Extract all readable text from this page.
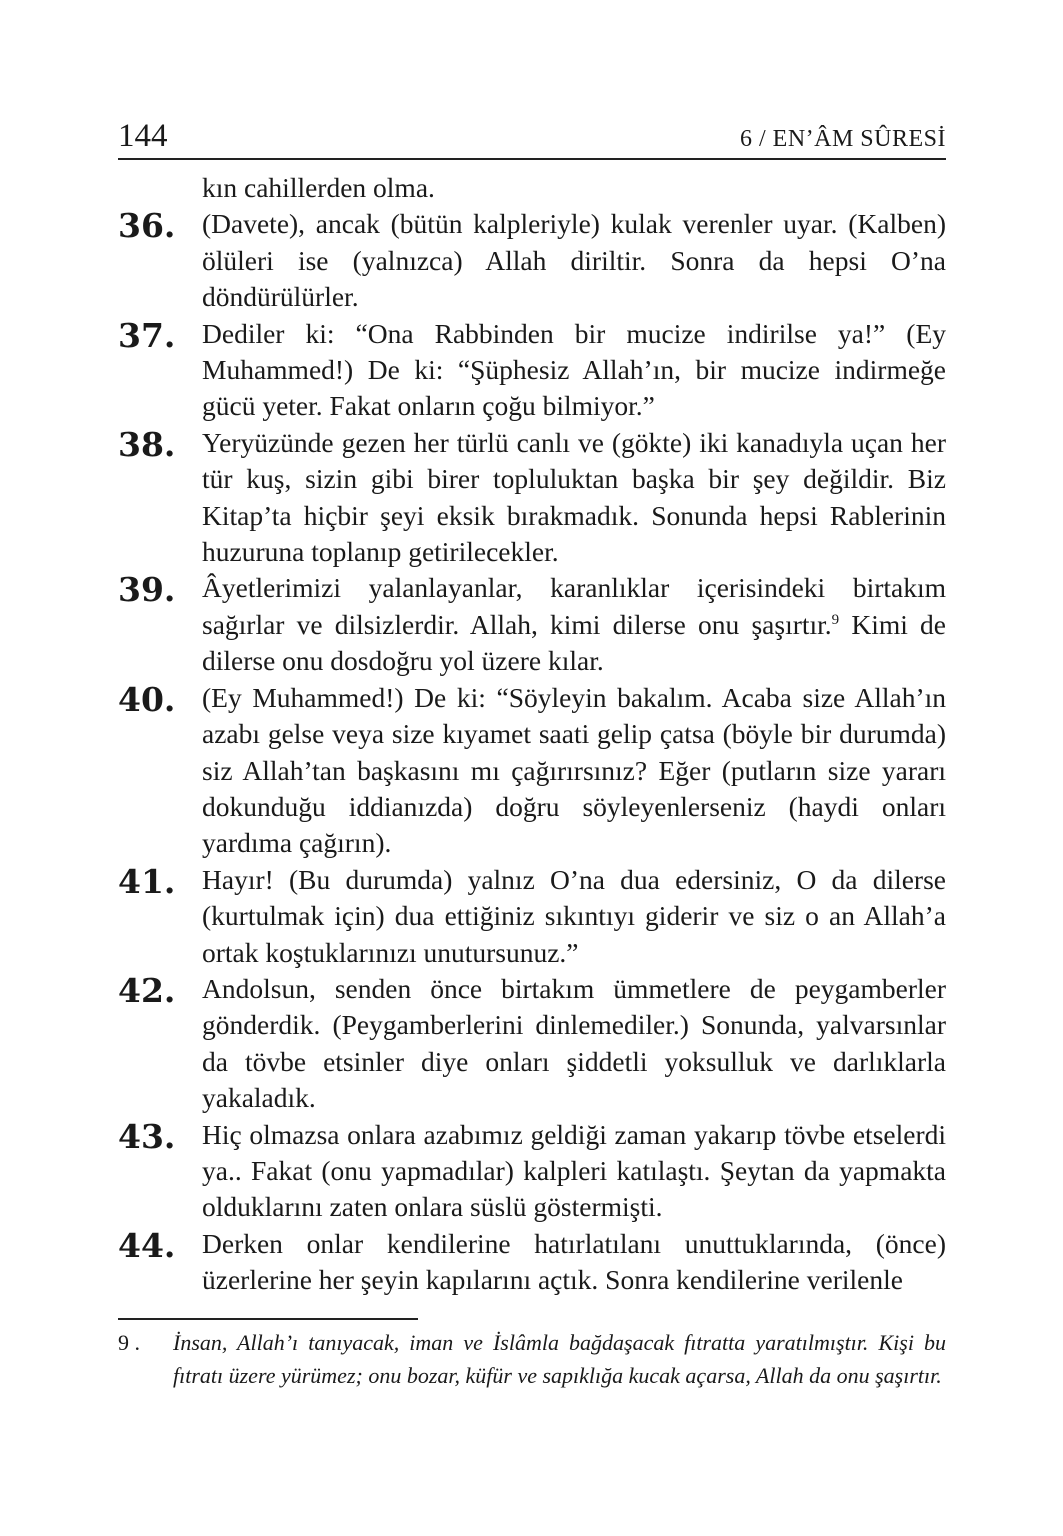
144	6 / EN’ÂM SÛRESİ
kın cahillerden olma.
36. (Davete), ancak (bütün kalpleriyle) kulak verenler uyar. (Kalben) ölüleri ise (yalnızca) Allah diriltir. Sonra da hepsi O’na döndürülürler.
37. Dediler ki: “Ona Rabbinden bir mucize indirilse ya!” (Ey Muhammed!) De ki: “Şüphesiz Allah’ın, bir mucize indirmeğe gücü yeter. Fakat onların çoğu bilmiyor.”
38. Yeryüzünde gezen her türlü canlı ve (gökte) iki kanadıyla uçan her tür kuş, sizin gibi birer topluluktan başka bir şey değildir. Biz Kitap’ta hiçbir şeyi eksik bırakmadık. Sonunda hepsi Rablerinin huzuruna toplanıp getirilecekler.
39. Âyetlerimizi yalanlayanlar, karanlıklar içerisindeki birtakım sağırlar ve dilsizlerdir. Allah, kimi dilerse onu şaşırtır.$^9$ Kimi de dilerse onu dosdoğru yol üzere kılar.
40. (Ey Muhammed!) De ki: “Söyleyin bakalım. Acaba size Allah’ın azabı gelse veya size kıyamet saati gelip çatsa (böyle bir durumda) siz Allah’tan başkasını mı çağırırsınız? Eğer (putların size yararı dokunduğu iddianızda) doğru söyleyenlerseniz (haydi onları yardıma çağırın).
41. Hayır! (Bu durumda) yalnız O’na dua edersiniz, O da dilerse (kurtulmak için) dua ettiğiniz sıkıntıyı giderir ve siz o an Allah’a ortak koştuklarınızı unutursunuz.”
42. Andolsun, senden önce birtakım ümmetlere de peygamberler gönderdik. (Peygamberlerini dinlemediler.) Sonunda, yalvarsınlar da tövbe etsinler diye onları şiddetli yoksulluk ve darlıklarla yakaladık.
43. Hiç olmazsa onlara azabımız geldiği zaman yakarıp tövbe etselerdi ya.. Fakat (onu yapmadılar) kalpleri katılaştı. Şeytan da yapmakta olduklarını zaten onlara süslü göstermişti.
44. Derken onlar kendilerine hatırlatılanı unuttuklarında, (önce) üzerlerine her şeyin kapılarını açtık. Sonra kendilerine verilenle
9 . İnsan, Allah’ı tanıyacak, iman ve İslâmla bağdaşacak fıtratta yaratılmıştır. Kişi bu fıtratı üzere yürümez; onu bozar, küfür ve sapıklığa kucak açarsa, Allah da onu şaşırtır.
